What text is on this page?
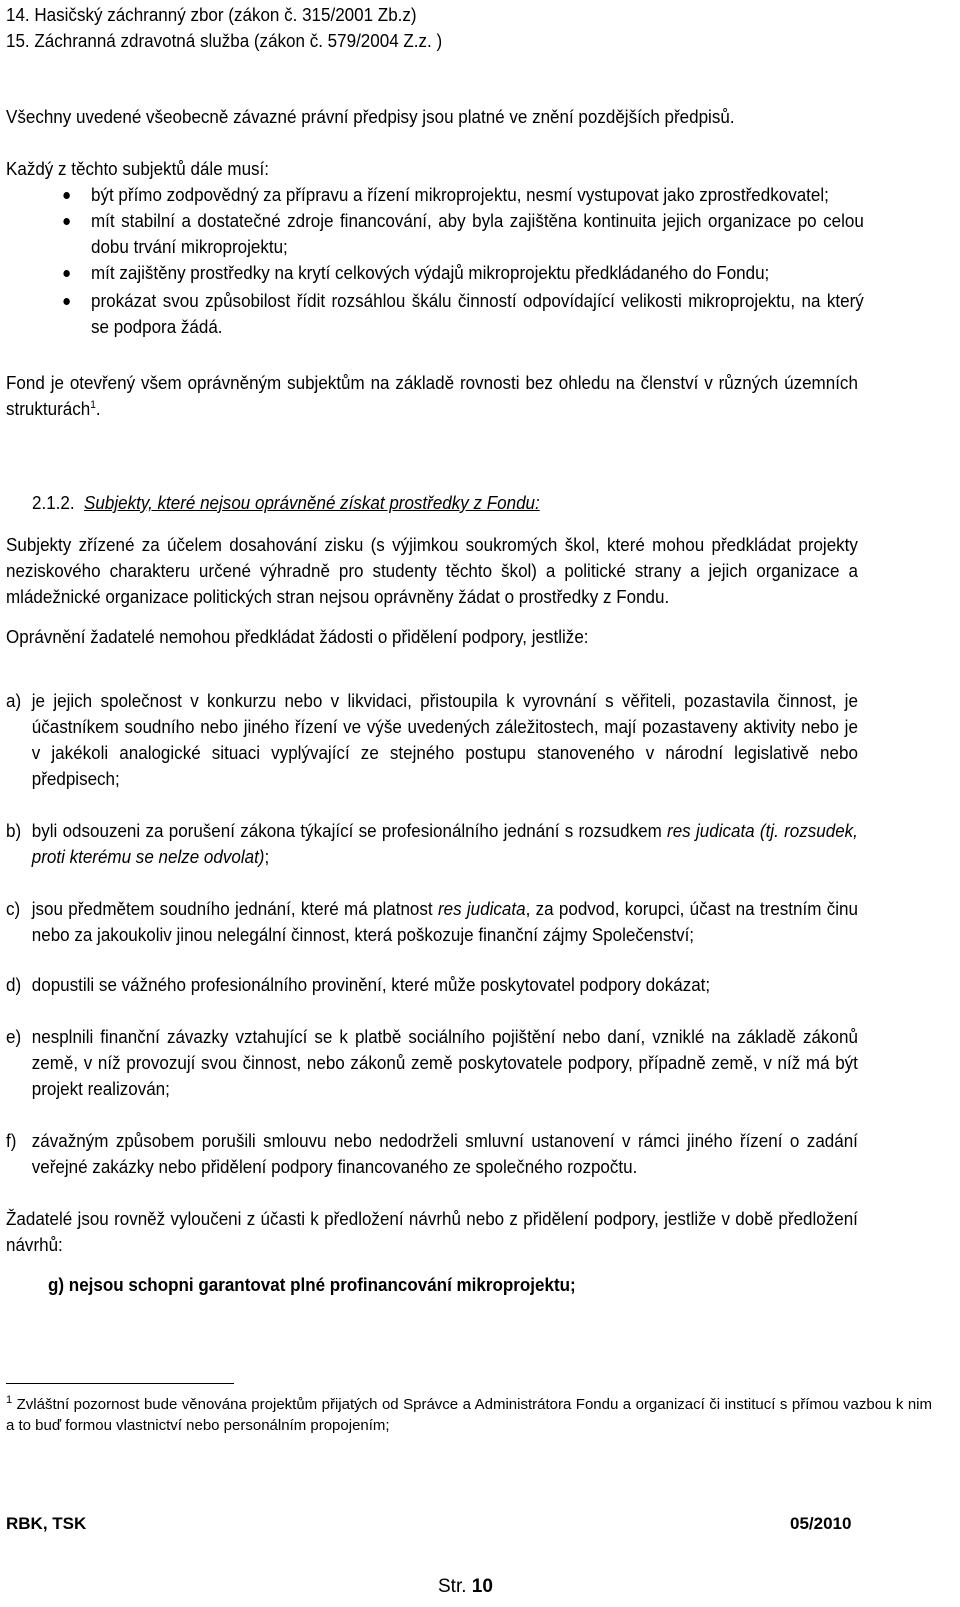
14. Hasičský záchranný zbor (zákon č. 315/2001 Zb.z)
15. Záchranná zdravotná služba (zákon č. 579/2004 Z.z. )
Všechny uvedené všeobecně závazné právní předpisy jsou platné ve znění pozdějších předpisů.
Každý z těchto subjektů dále musí:
být přímo zodpovědný za přípravu a řízení mikroprojektu, nesmí vystupovat jako zprostředkovatel;
mít stabilní a dostatečné zdroje financování, aby byla zajištěna kontinuita jejich organizace po celou dobu trvání mikroprojektu;
mít zajištěny prostředky na krytí celkových výdajů mikroprojektu předkládaného do Fondu;
prokázat svou způsobilost řídit rozsáhlou škálu činností odpovídající velikosti mikroprojektu, na který se podpora žádá.
Fond je otevřený všem oprávněným subjektům na základě rovnosti bez ohledu na členství v různých územních strukturách$^1$.
2.1.2. Subjekty, které nejsou oprávněné získat prostředky z Fondu:
Subjekty zřízené za účelem dosahování zisku (s výjimkou soukromých škol, které mohou předkládat projekty neziskového charakteru určené výhradně pro studenty těchto škol) a politické strany a jejich organizace a mládežnické organizace politických stran nejsou oprávněny žádat o prostředky z Fondu.
Oprávnění žadatelé nemohou předkládat žádosti o přidělení podpory, jestliže:
a) je jejich společnost v konkurzu nebo v likvidaci, přistoupila k vyrovnání s věřiteli, pozastavila činnost, je účastníkem soudního nebo jiného řízení ve výše uvedených záležitostech, mají pozastaveny aktivity nebo je v jakékoli analogické situaci vyplývající ze stejného postupu stanoveného v národní legislativě nebo předpisech;
b) byli odsouzeni za porušení zákona týkající se profesionálního jednání s rozsudkem res judicata (tj. rozsudek, proti kterému se nelze odvolat);
c) jsou předmětem soudního jednání, které má platnost res judicata, za podvod, korupci, účast na trestním činu nebo za jakoukoliv jinou nelegální činnost, která poškozuje finanční zájmy Společenství;
d) dopustili se vážného profesionálního provinění, které může poskytovatel podpory dokázat;
e) nesplnili finanční závazky vztahující se k platbě sociálního pojištění nebo daní, vzniklé na základě zákonů země, v níž provozují svou činnost, nebo zákonů země poskytovatele podpory, případně země, v níž má být projekt realizován;
f) závažným způsobem porušili smlouvu nebo nedodrželi smluvní ustanovení v rámci jiného řízení o zadání veřejné zakázky nebo přidělení podpory financovaného ze společného rozpočtu.
Žadatelé jsou rovněž vyloučeni z účasti k předložení návrhů nebo z přidělení podpory, jestliže v době předložení návrhů:
g) nejsou schopni garantovat plné profinancování mikroprojektu;
$^1$ Zvláštní pozornost bude věnována projektům přijatých od Správce a Administrátora Fondu a organizací či institucí s přímou vazbou k nim a to buď formou vlastnictví nebo personálním propojením;
RBK, TSK	05/2010
Str. 10
